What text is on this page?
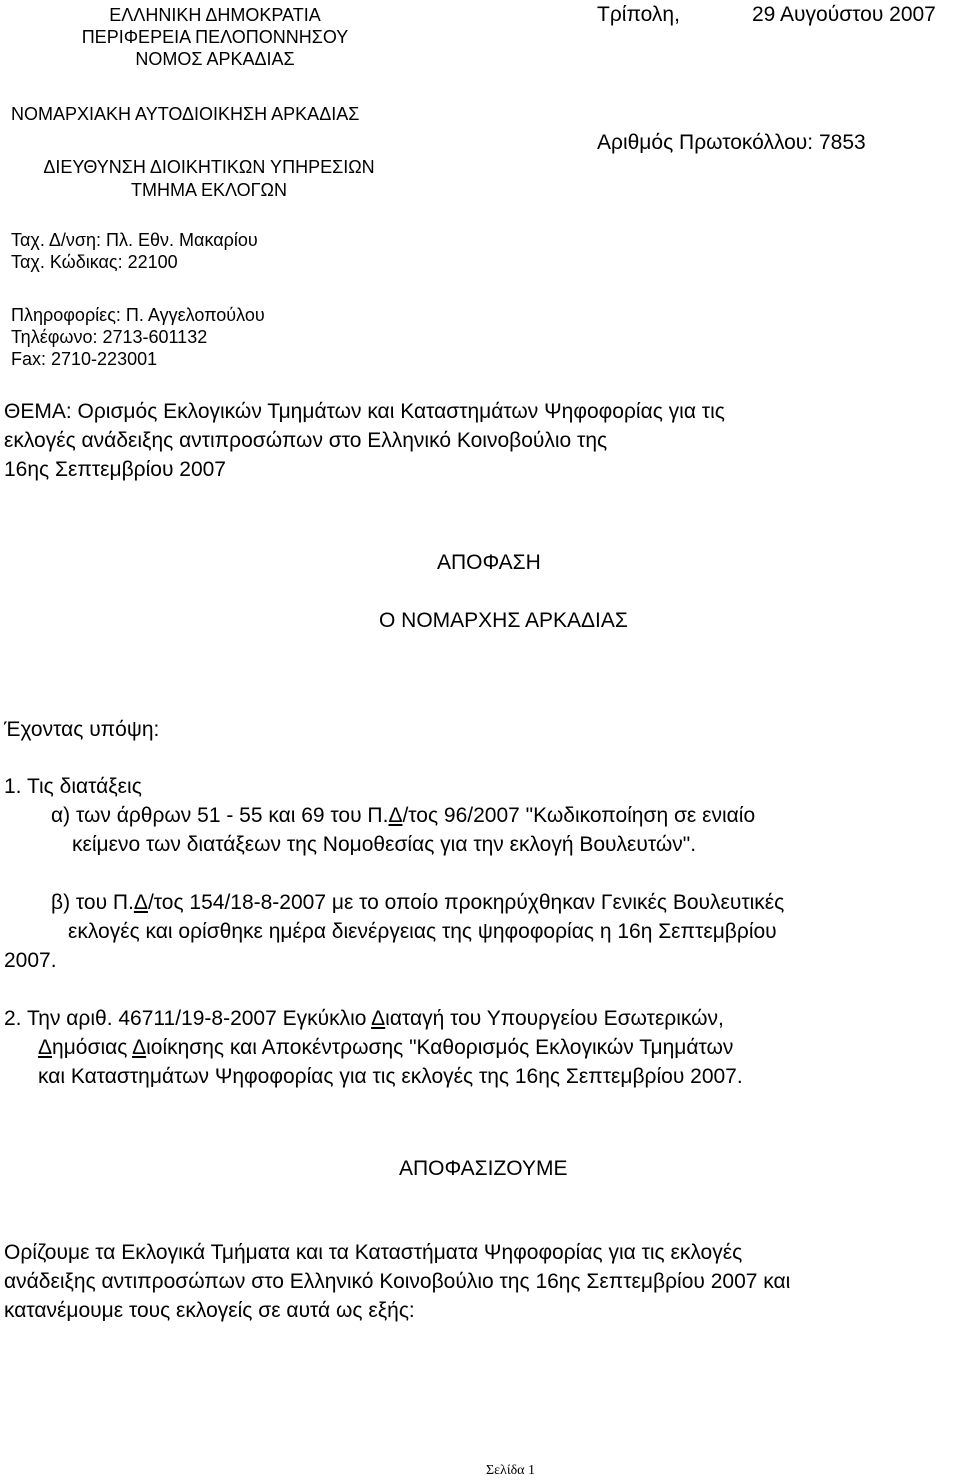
ΕΛΛΗΝΙΚΗ ΔΗΜΟΚΡΑΤΙΑ
ΠΕΡΙΦΕΡΕΙΑ ΠΕΛΟΠΟΝΝΗΣΟΥ
ΝΟΜΟΣ ΑΡΚΑΔΙΑΣ
ΝΟΜΑΡΧΙΑΚΗ ΑΥΤΟΔΙΟΙΚΗΣΗ ΑΡΚΑΔΙΑΣ
ΔΙΕΥΘΥΝΣΗ ΔΙΟΙΚΗΤΙΚΩΝ ΥΠΗΡΕΣΙΩΝ
ΤΜΗΜΑ ΕΚΛΟΓΩΝ
Ταχ. Δ/νση: Πλ. Εθν. Μακαρίου
Ταχ. Κώδικας: 22100
Πληροφορίες: Π. Αγγελοπούλου
Τηλέφωνο: 2713-601132
Fax: 2710-223001
Τρίπολη,	29 Αυγούστου 2007
Αριθμός Πρωτοκόλλου: 7853
ΘΕΜΑ: Ορισμός Εκλογικών Τμημάτων και Καταστημάτων Ψηφοφορίας για τις
εκλογές ανάδειξης αντιπροσώπων στο Ελληνικό Κοινοβούλιο της
16ης Σεπτεμβρίου 2007
ΑΠΟΦΑΣΗ
Ο ΝΟΜΑΡΧΗΣ ΑΡΚΑΔΙΑΣ
Έχοντας υπόψη:
1. Τις διατάξεις
α) των άρθρων 51 - 55 και 69 του Π.Δ/τος 96/2007 "Κωδικοποίηση σε ενιαίο
κείμενο των διατάξεων της Νομοθεσίας για την εκλογή Βουλευτών".
β) του Π.Δ/τος 154/18-8-2007 με το οποίο προκηρύχθηκαν Γενικές Βουλευτικές
εκλογές και ορίσθηκε ημέρα διενέργειας της ψηφοφορίας η 16η Σεπτεμβρίου
2007.
2. Την αριθ. 46711/19-8-2007 Εγκύκλιο Διαταγή του Υπουργείου Εσωτερικών,
Δημόσιας Διοίκησης και Αποκέντρωσης "Καθορισμός Εκλογικών Τμημάτων
και Καταστημάτων Ψηφοφορίας για τις εκλογές της 16ης Σεπτεμβρίου 2007.
ΑΠΟΦΑΣΙΖΟΥΜΕ
Ορίζουμε τα Εκλογικά Τμήματα και τα Καταστήματα Ψηφοφορίας για τις εκλογές
ανάδειξης αντιπροσώπων στο Ελληνικό Κοινοβούλιο της 16ης Σεπτεμβρίου 2007 και
κατανέμουμε τους εκλογείς σε αυτά ως εξής:
Σελίδα 1
